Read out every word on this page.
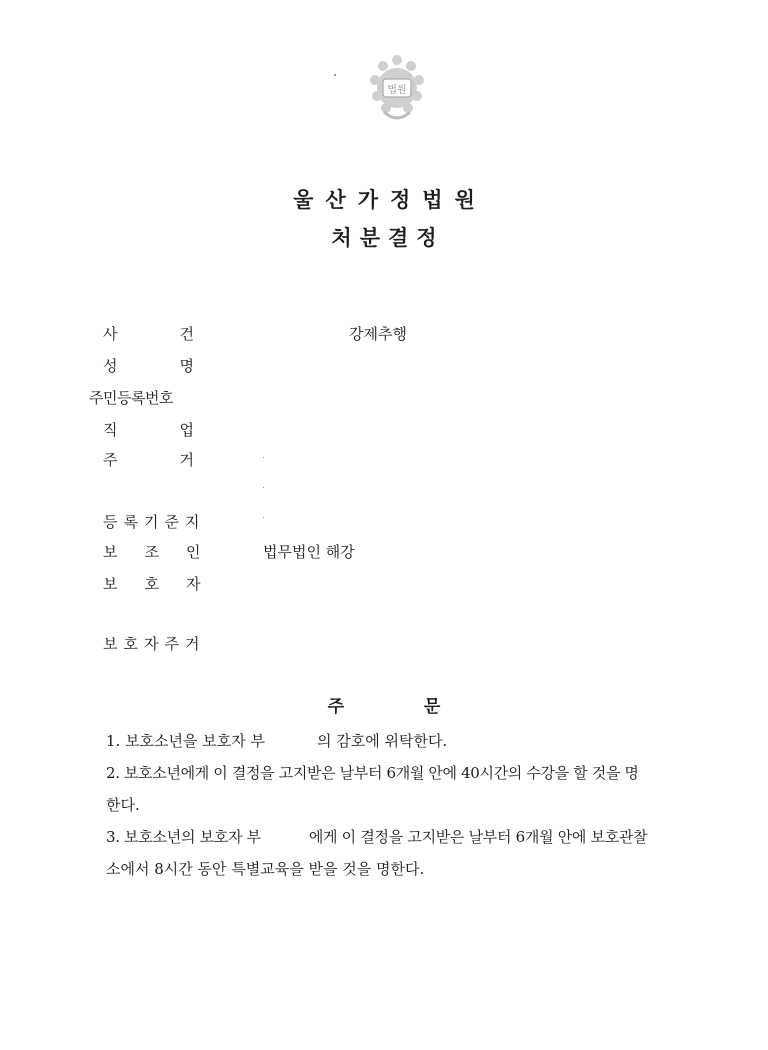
법원
울산가정법원
처분결정
사건	강제추행
성명
주민등록번호
직업
주거
등록기준지
보조인 법무법인 해강
보호자
보호자주거
주	문
1. 보호소년을 보호자 부	의 감호에 위탁한다.
2. 보호소년에게 이 결정을 고지받은 날부터 6개월 안에 40시간의 수강을 할 것을 명
한다.
3. 보호소년의 보호자 부	에게 이 결정을 고지받은 날부터 6개월 안에 보호관찰
소에서 8시간 동안 특별교육을 받을 것을 명한다.
